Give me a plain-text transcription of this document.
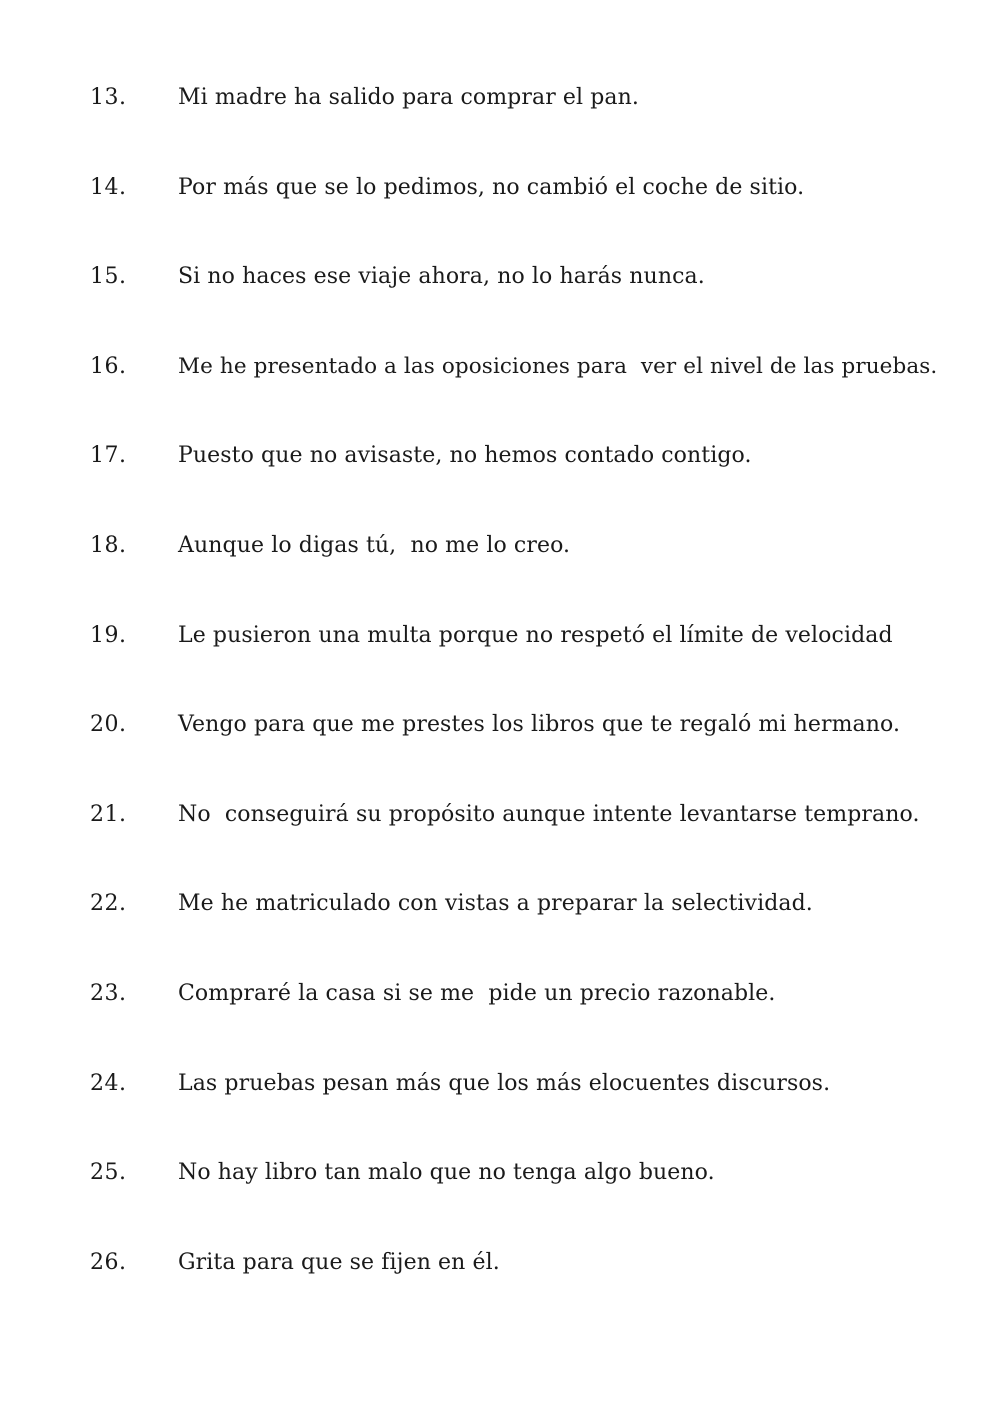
13. Mi madre ha salido para comprar el pan.
14. Por más que se lo pedimos, no cambió el coche de sitio.
15. Si no haces ese viaje ahora, no lo harás nunca.
16. Me he presentado a las oposiciones para  ver el nivel de las pruebas.
17. Puesto que no avisaste, no hemos contado contigo.
18. Aunque lo digas tú,  no me lo creo.
19. Le pusieron una multa porque no respetó el límite de velocidad
20. Vengo para que me prestes los libros que te regaló mi hermano.
21. No  conseguirá su propósito aunque intente levantarse temprano.
22. Me he matriculado con vistas a preparar la selectividad.
23. Compraré la casa si se me  pide un precio razonable.
24. Las pruebas pesan más que los más elocuentes discursos.
25. No hay libro tan malo que no tenga algo bueno.
26. Grita para que se fijen en él.
